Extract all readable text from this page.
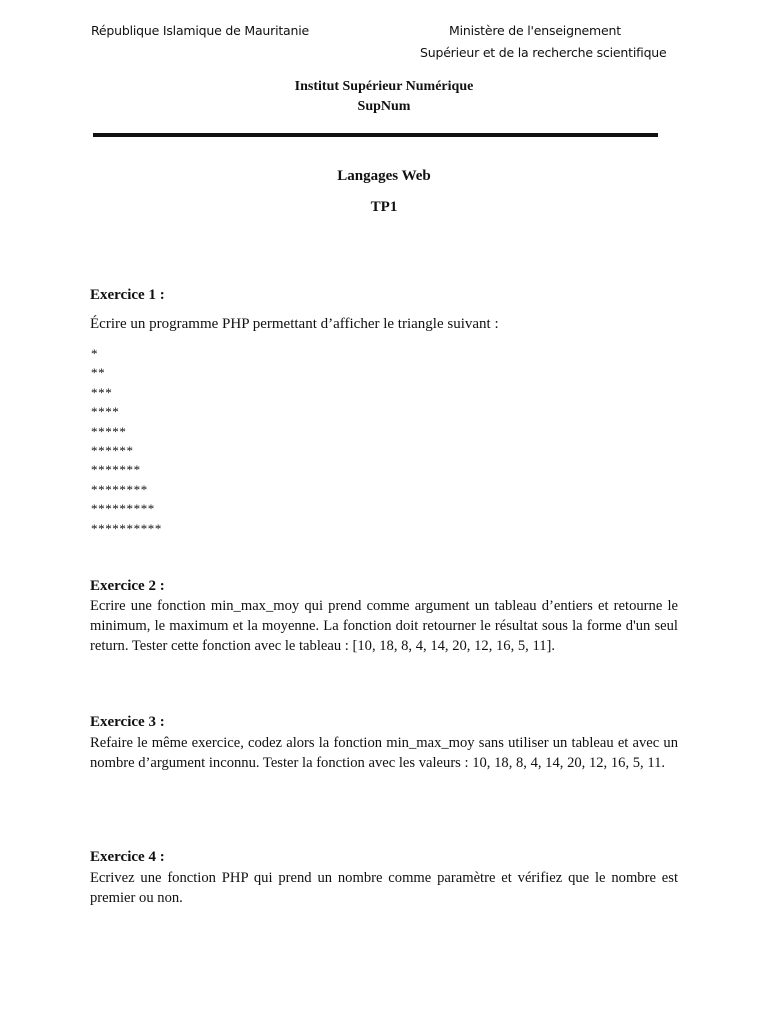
République Islamique de Mauritanie	Ministère de l'enseignement
Supérieur et de la recherche scientifique
Institut Supérieur Numérique
SupNum
Langages Web
TP1
Exercice 1 :
Écrire un programme PHP permettant d’afficher le triangle suivant :
*
**
***
****
*****
******
*******
********
*********
**********
Exercice 2 :
Ecrire une fonction min_max_moy qui prend comme argument un tableau d’entiers et retourne le minimum, le maximum et la moyenne. La fonction doit retourner le résultat sous la forme d'un seul return. Tester cette fonction avec le tableau : [10, 18, 8, 4, 14, 20, 12, 16, 5, 11].
Exercice 3 :
Refaire le même exercice, codez alors la fonction min_max_moy sans utiliser un tableau et avec un nombre d’argument inconnu. Tester la fonction avec les valeurs : 10, 18, 8, 4, 14, 20, 12, 16, 5, 11.
Exercice 4 :
Ecrivez une fonction PHP qui prend un nombre comme paramètre et vérifiez que le nombre est premier ou non.
